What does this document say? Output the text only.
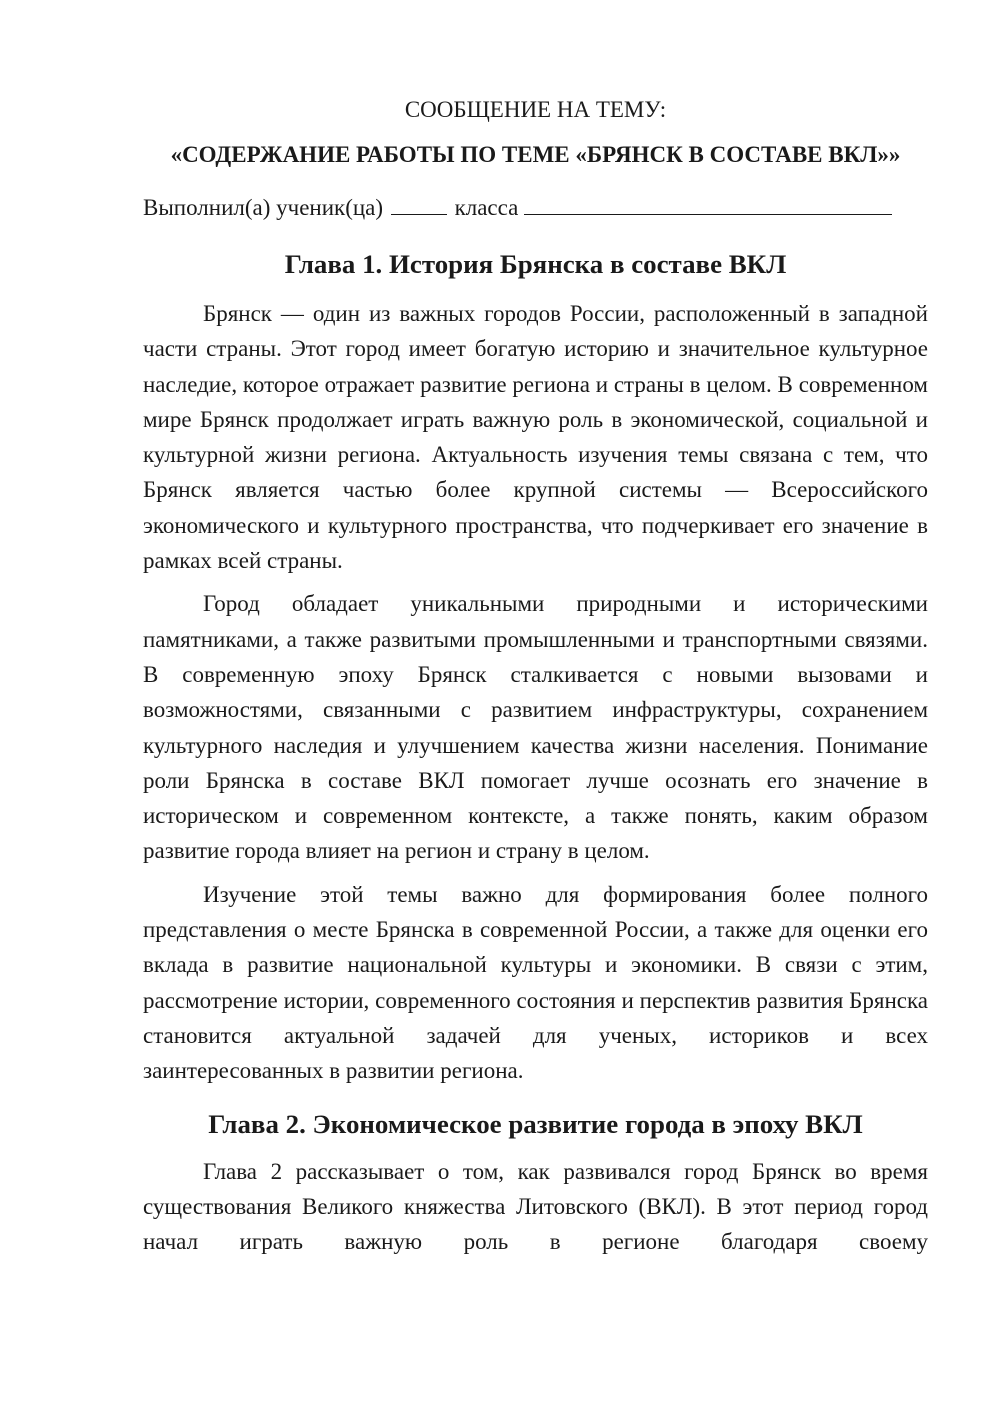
СООБЩЕНИЕ НА ТЕМУ:
«СОДЕРЖАНИЕ РАБОТЫ ПО ТЕМЕ «БРЯНСК В СОСТАВЕ ВКЛ»»

Выполнил(а) ученик(ца)	класса

Глава 1. История Брянска в составе ВКЛ

Брянск — один из важных городов России, расположенный в западной части страны. Этот город имеет богатую историю и значительное культурное наследие, которое отражает развитие региона и страны в целом. В современном мире Брянск продолжает играть важную роль в экономической, социальной и культурной жизни региона. Актуальность изучения темы связана с тем, что Брянск является частью более крупной системы — Всероссийского экономического и культурного пространства, что подчеркивает его значение в рамках всей страны.

Город обладает уникальными природными и историческими памятниками, а также развитыми промышленными и транспортными связями. В современную эпоху Брянск сталкивается с новыми вызовами и возможностями, связанными с развитием инфраструктуры, сохранением культурного наследия и улучшением качества жизни населения. Понимание роли Брянска в составе ВКЛ помогает лучше осознать его значение в историческом и современном контексте, а также понять, каким образом развитие города влияет на регион и страну в целом.

Изучение этой темы важно для формирования более полного представления о месте Брянска в современной России, а также для оценки его вклада в развитие национальной культуры и экономики. В связи с этим, рассмотрение истории, современного состояния и перспектив развития Брянска становится актуальной задачей для ученых, историков и всех заинтересованных в развитии региона.

Глава 2. Экономическое развитие города в эпоху ВКЛ

Глава 2 рассказывает о том, как развивался город Брянск во время существования Великого княжества Литовского (ВКЛ). В этот период город начал играть важную роль в регионе благодаря своему
